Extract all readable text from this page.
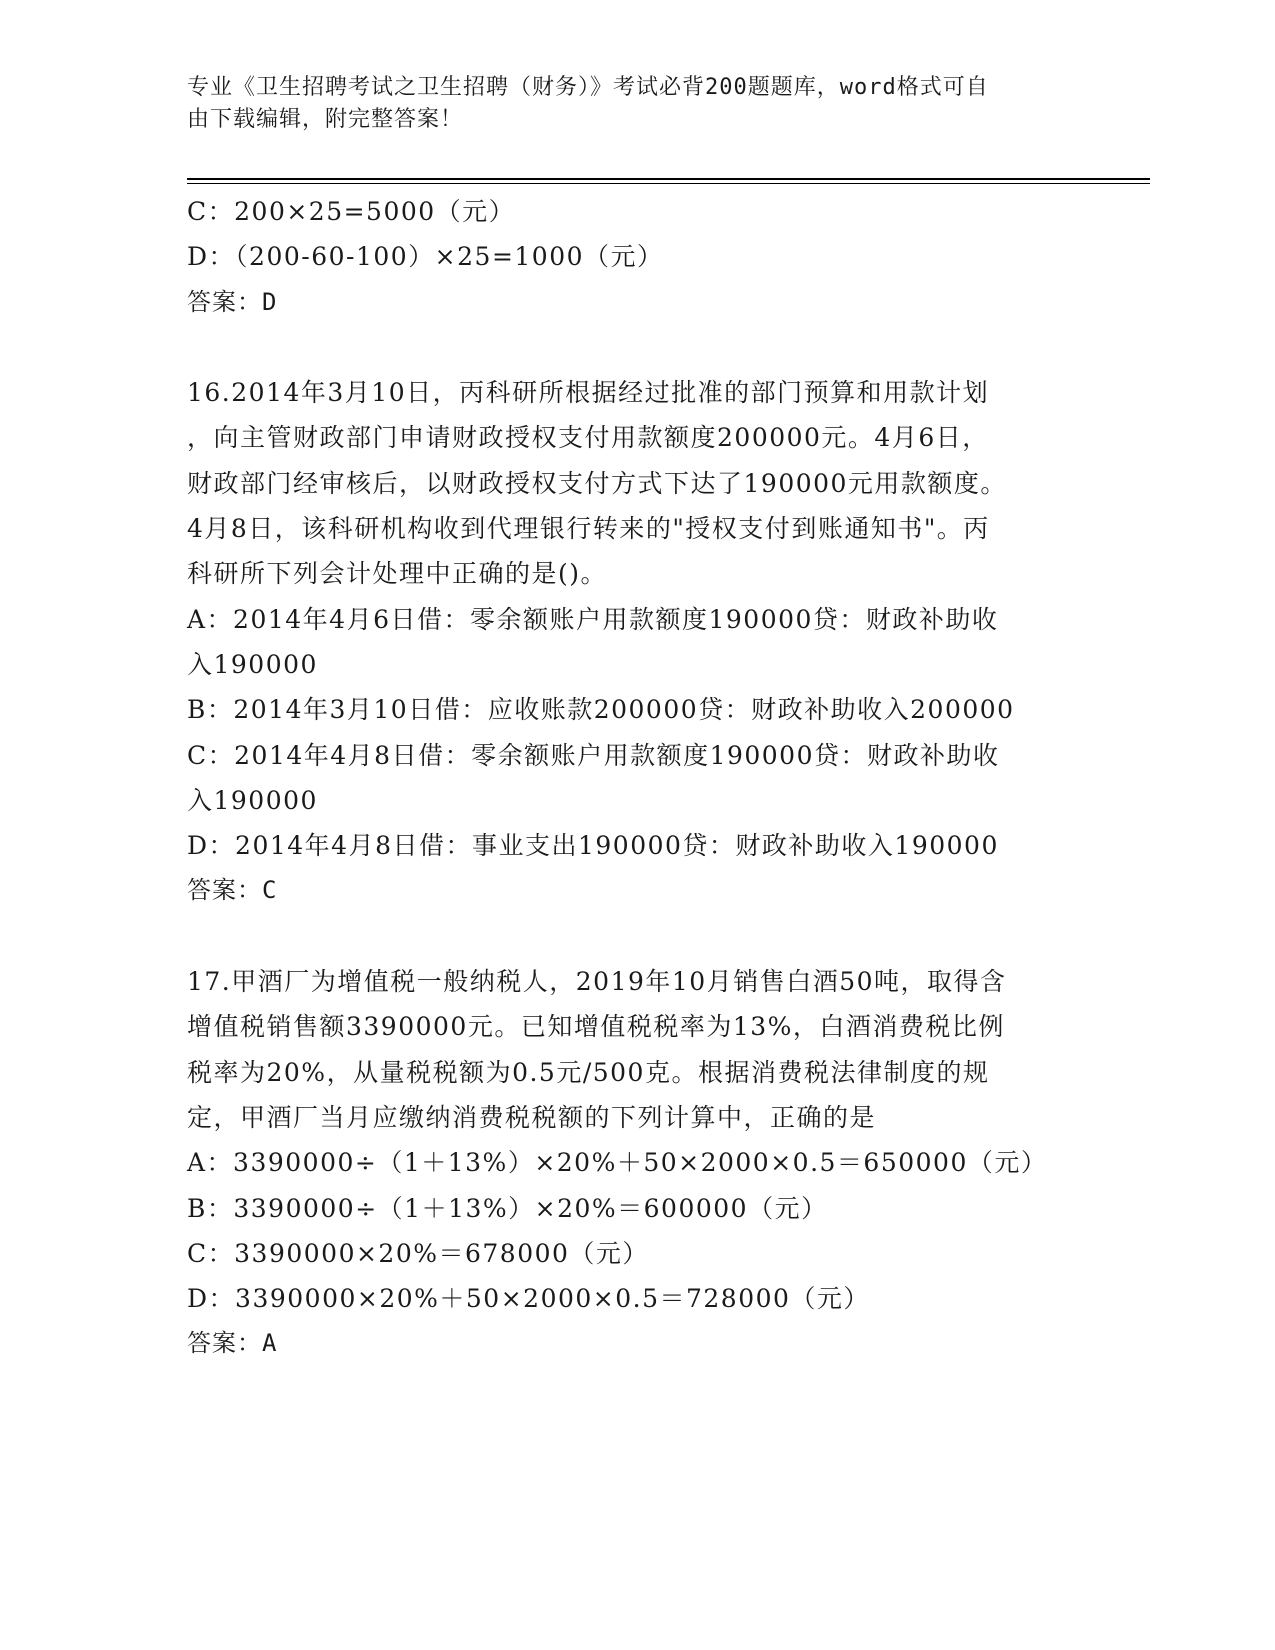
专业《卫生招聘考试之卫生招聘（财务）》考试必背200题题库，word格式可自
由下载编辑，附完整答案！
C：200×25=5000（元）
D：（200-60-100）×25=1000（元）
答案：D
16.2014年3月10日，丙科研所根据经过批准的部门预算和用款计划
，向主管财政部门申请财政授权支付用款额度200000元。4月6日，
财政部门经审核后，以财政授权支付方式下达了190000元用款额度。
4月8日，该科研机构收到代理银行转来的"授权支付到账通知书"。丙
科研所下列会计处理中正确的是()。
A：2014年4月6日借：零余额账户用款额度190000贷：财政补助收
入190000
B：2014年3月10日借：应收账款200000贷：财政补助收入200000
C：2014年4月8日借：零余额账户用款额度190000贷：财政补助收
入190000
D：2014年4月8日借：事业支出190000贷：财政补助收入190000
答案：C
17.甲酒厂为增值税一般纳税人，2019年10月销售白酒50吨，取得含
增值税销售额3390000元。已知增值税税率为13%，白酒消费税比例
税率为20%，从量税税额为0.5元/500克。根据消费税法律制度的规
定，甲酒厂当月应缴纳消费税税额的下列计算中，正确的是
A：3390000÷（1＋13%）×20%＋50×2000×0.5＝650000（元）
B：3390000÷（1＋13%）×20%＝600000（元）
C：3390000×20%＝678000（元）
D：3390000×20%＋50×2000×0.5＝728000（元）
答案：A
